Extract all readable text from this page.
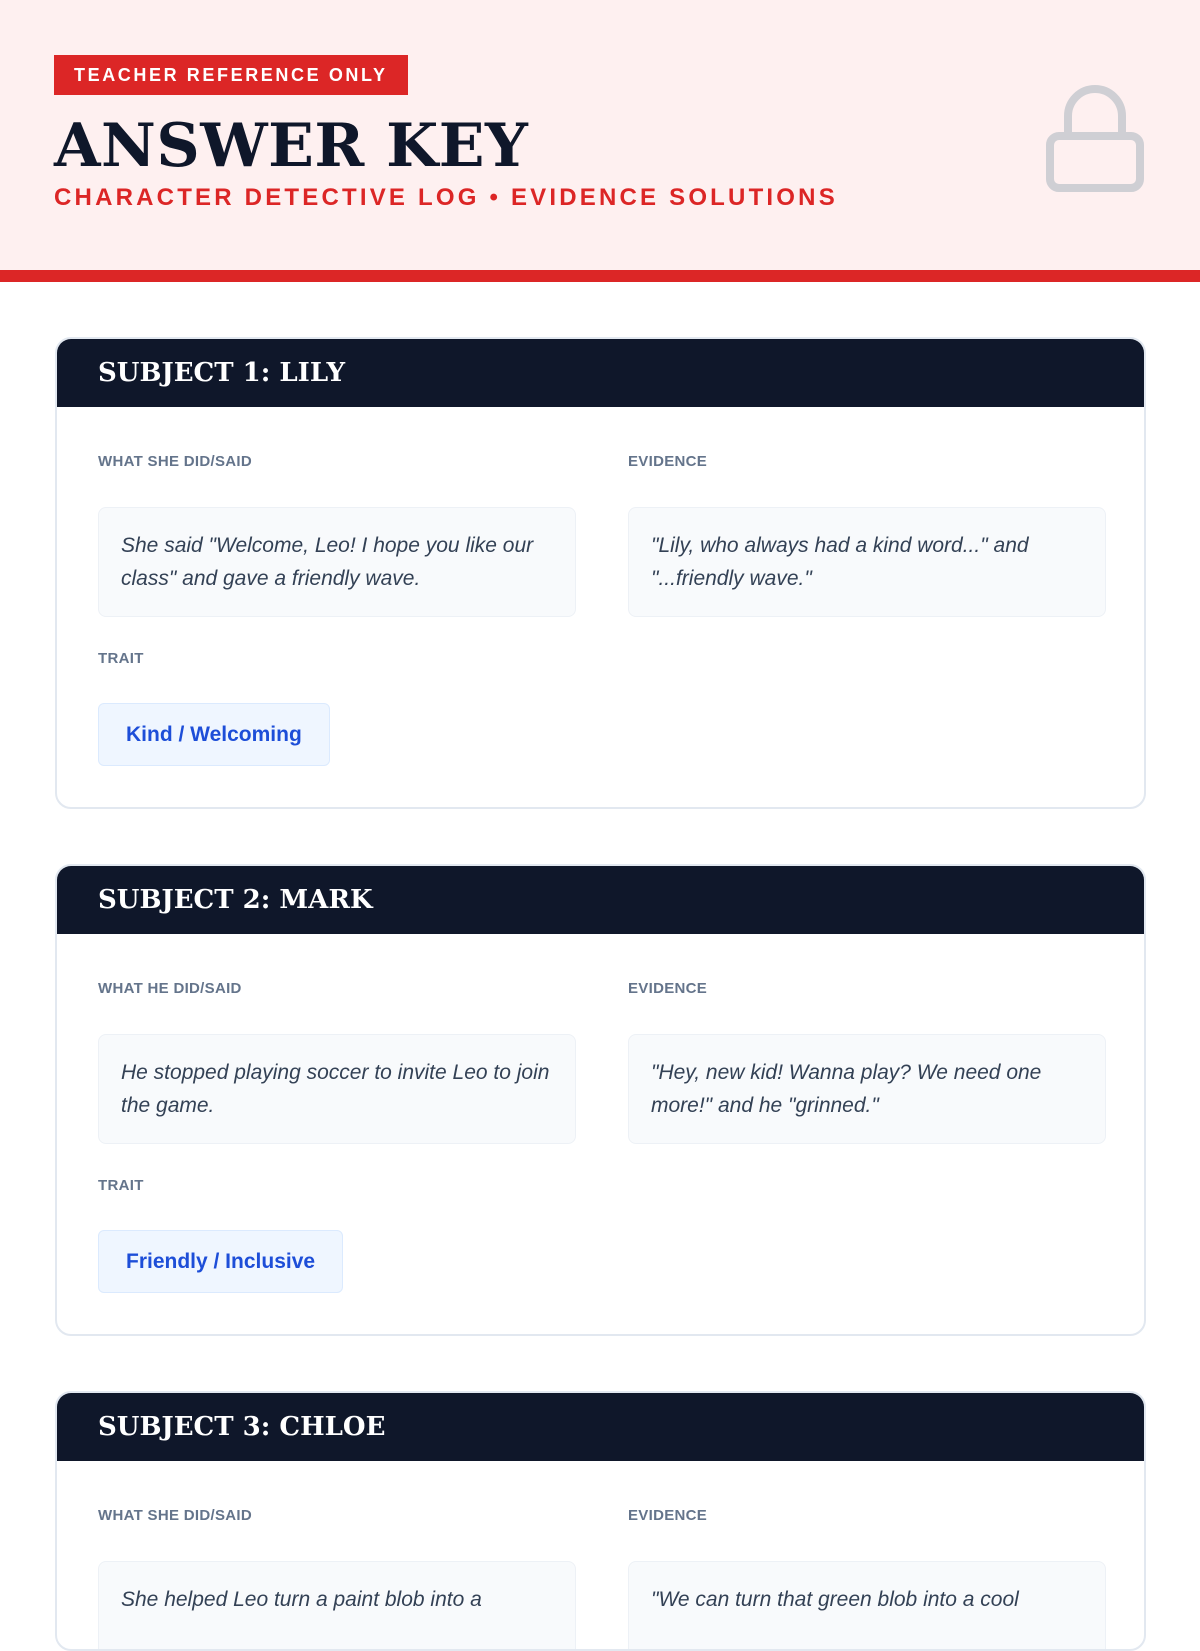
TEACHER REFERENCE ONLY
ANSWER KEY
CHARACTER DETECTIVE LOG • EVIDENCE SOLUTIONS
SUBJECT 1: LILY
WHAT SHE DID/SAID	EVIDENCE
She said "Welcome, Leo! I hope you like our class" and gave a friendly wave.
"Lily, who always had a kind word..." and "...friendly wave."
TRAIT
Kind / Welcoming
SUBJECT 2: MARK
WHAT HE DID/SAID	EVIDENCE
He stopped playing soccer to invite Leo to join the game.
"Hey, new kid! Wanna play? We need one more!" and he "grinned."
TRAIT
Friendly / Inclusive
SUBJECT 3: CHLOE
WHAT SHE DID/SAID	EVIDENCE
She helped Leo turn a paint blob into a	"We can turn that green blob into a cool
